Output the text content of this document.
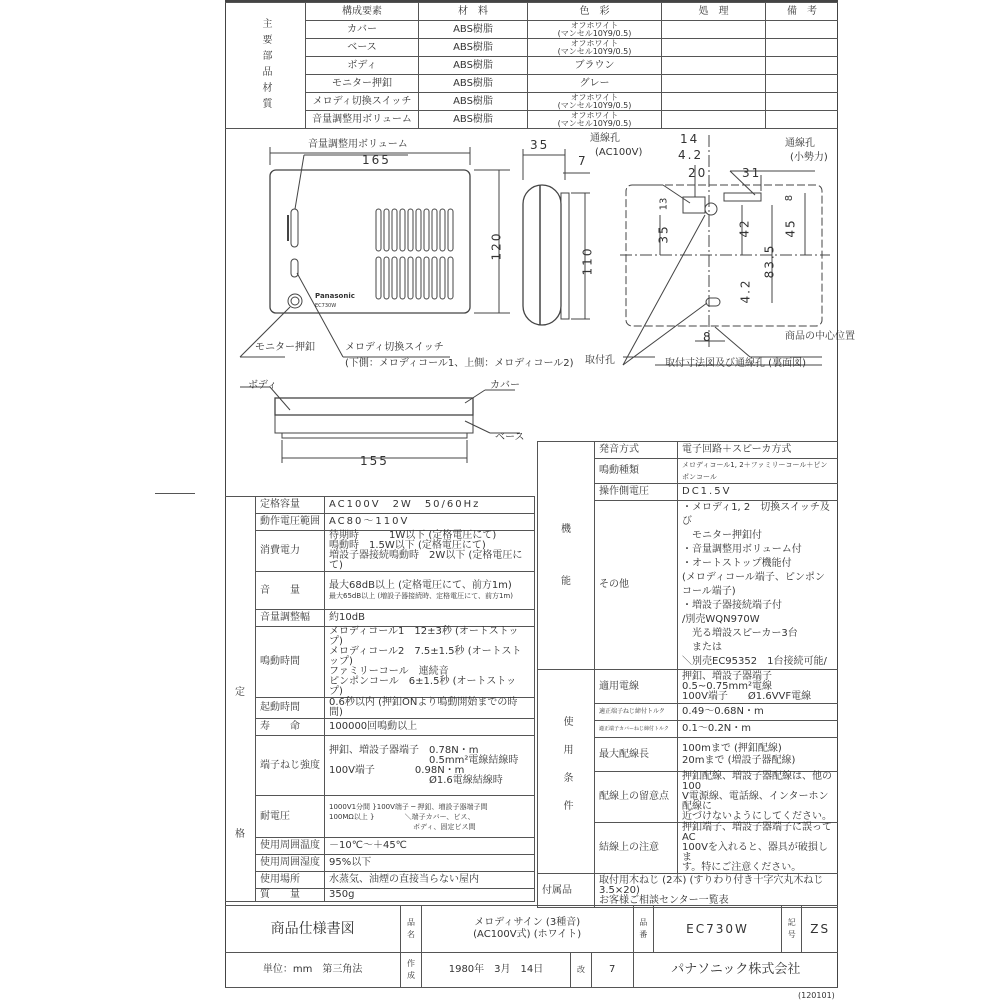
主要部品材質	構成要素	材　料	色　彩	処　理	備　考
	カバー	ABS樹脂	オフホワイト
(マンセル10Y9/0.5)		

	ベース	ABS樹脂	オフホワイト
(マンセル10Y9/0.5)		

	ボディ	ABS樹脂	ブラウン		
	モニター押釦	ABS樹脂	グレー		
	メロディ切換スイッチ	ABS樹脂	オフホワイト
(マンセル10Y9/0.5)		

	音量調整用ボリューム	ABS樹脂	オフホワイト
(マンセル10Y9/0.5)		

音量調整用ボリューム
165
120
Panasonic
EC730W
モニター押釦	メロディ切換スイッチ
(下側：メロディコール1、上側：メロディコール2)
35
7
110
通線孔
(AC100V)
通線孔
(小勢力)
14
4.2
20	31
13	8
35	42	45
83.5
4.2
8	商品の中心位置
取付孔	取付寸法図及び通線孔 (裏面図)
ボディ	カバー
ベース
155
定
格	定格容量	AC100V　2W　50/60Hz
	動作電圧範囲	AC80～110V
	消費電力	待期時　　　1W以下 (定格電圧にて)
鳴動時　1.5W以下 (定格電圧にて)
増設子器接続鳴動時　2W以下 (定格電圧にて)

	音　　量	最大68dB以上 (定格電圧にて、前方1m)
最大65dB以上 (増設子器接続時、定格電圧にて、前方1m)

	音量調整幅	約10dB
	鳴動時間	メロディコール1　12±3秒 (オートストップ)
メロディコール2　7.5±1.5秒 (オートストップ)
ファミリーコール　連続音
ピンポンコール　6±1.5秒 (オートストップ)

	起動時間	0.6秒以内 (押釦ONより鳴動開始までの時間)
	寿　　命	100000回鳴動以上
	端子ねじ強度	押釦、増設子器端子　0.78N・m
　　　　　　　　　　0.5mm²電線結線時
100V端子　　　　0.98N・m
　　　　　　　　　　Ø1.6電線結線時

	耐電圧	1000V1分間 }100V端子 ─ 押釦、増設子器端子間
100MΩ以上 }　　　　 ＼端子カバー、ビス、
　　　　　　　　　　　　ボディ、固定ビス間

	使用周囲温度	－10℃～＋45℃
	使用周囲湿度	95%以下
	使用場所	水蒸気、油煙の直接当らない屋内
	質　　量	350g
機
能	発音方式	電子回路＋スピーカ方式
	鳴動種類	メロディコール1, 2＋ファミリーコール＋ピンポンコール
	操作側電圧	DC1.5V
その他	
・メロディ1, 2　切換スイッチ及び
　モニター押釦付
・音量調整用ボリューム付
・オートストップ機能付
(メロディコール端子、ピンポンコール端子)
・増設子器接続端子付
/別売WQN970W
　光る増設スピーカー3台
　または
＼別売EC95352　1台接続可能/

使用条件	適用電線	押釦、増設子器端子　0.5~0.75mm²電線
100V端子　　Ø1.6VVF電線

	適正端子ねじ締付トルク	0.49～0.68N・m
	適正端子カバーねじ締付トルク	0.1～0.2N・m
	最大配線長	100mまで (押釦配線)
20mまで (増設子器配線)

	配線上の留意点	押釦配線、増設子器配線は、他の100
V電源線、電話線、インターホン配線に
近づけないようにしてください。

	結線上の注意	押釦端子、増設子器端子に誤ってAC
100Vを入れると、器具が破損しま
す。特にご注意ください。

付属品	取付用木ねじ (2本) (すりわり付き十字穴丸木ねじ3.5×20)
お客様ご相談センター一覧表	
商品仕様書図	品名	メロディサイン (3種音)
(AC100V式) (ホワイト)			品番	EC730W	記号	ZS
単位：mm　第三角法	作成	1980年　3月　14日	改	7	パナソニック株式会社			
(120101)
